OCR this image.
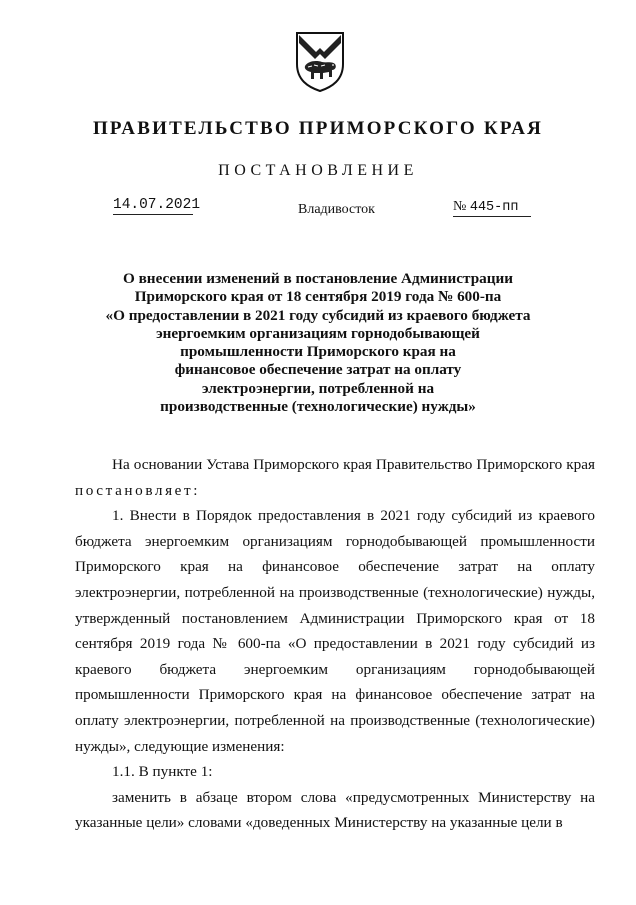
ПРАВИТЕЛЬСТВО ПРИМОРСКОГО КРАЯ
ПОСТАНОВЛЕНИЕ
14.07.2021	Владивосток	№ 445-пп
О внесении изменений в постановление Администрации
Приморского края от 18 сентября 2019 года № 600-па
«О предоставлении в 2021 году субсидий из краевого бюджета
энергоемким организациям горнодобывающей
промышленности Приморского края на
финансовое обеспечение затрат на оплату
электроэнергии, потребленной на
производственные (технологические) нужды»

На основании Устава Приморского края Правительство Приморского края постановляет:

1. Внести в Порядок предоставления в 2021 году субсидий из краевого бюджета энергоемким организациям горнодобывающей промышленности Приморского края на финансовое обеспечение затрат на оплату электроэнергии, потребленной на производственные (технологические) нужды, утвержденный постановлением Администрации Приморского края от 18 сентября 2019 года № 600-па «О предоставлении в 2021 году субсидий из краевого бюджета энергоемким организациям горнодобывающей промышленности Приморского края на финансовое обеспечение затрат на оплату электроэнергии, потребленной на производственные (технологические) нужды», следующие изменения:

1.1. В пункте 1:

заменить в абзаце втором слова «предусмотренных Министерству на указанные цели» словами «доведенных Министерству на указанные цели в
